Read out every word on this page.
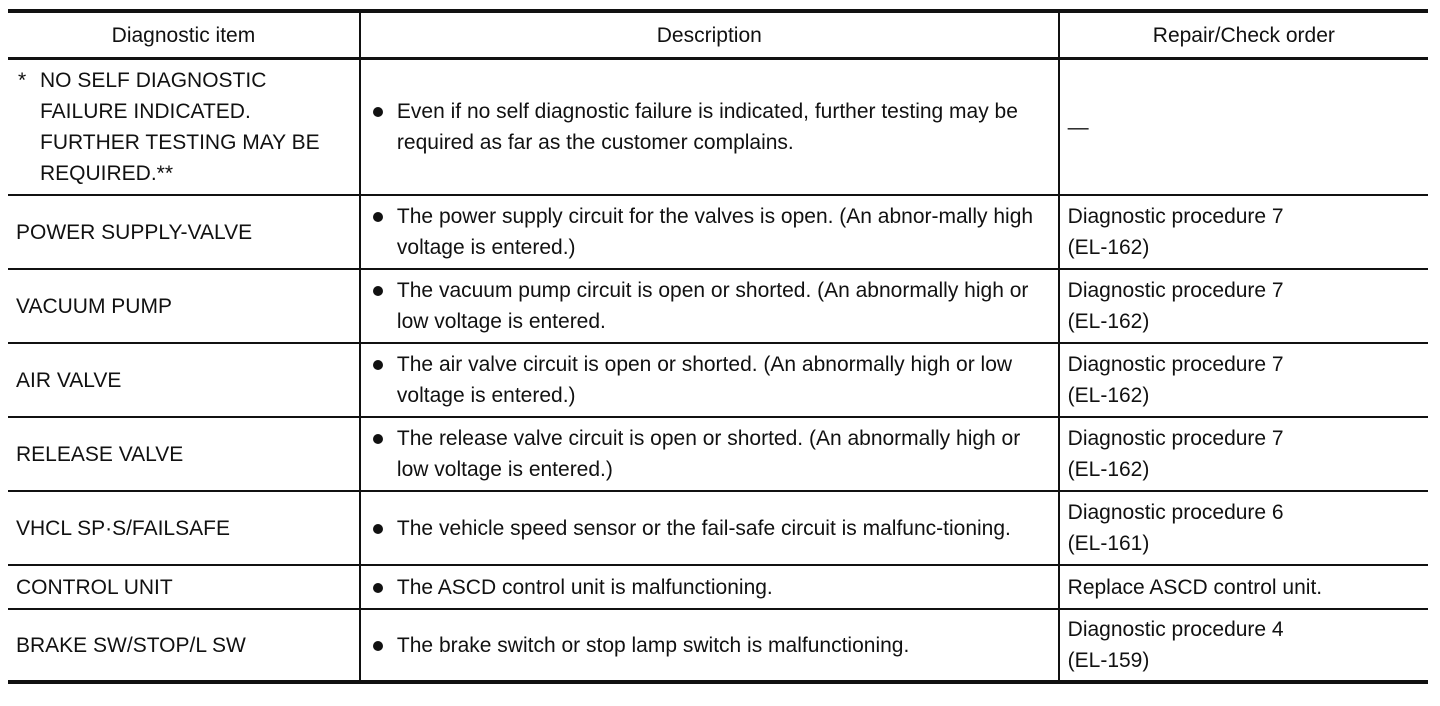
Diagnostic item	Description	Repair/Check order

* NO SELF DIAGNOSTIC
FAILURE INDICATED.
FURTHER TESTING MAY BE
REQUIRED.**	Even if no self diagnostic failure is indicated, further testing may be required as far as the customer complains.	—
POWER SUPPLY-VALVE	The power supply circuit for the valves is open. (An abnor-mally high voltage is entered.)	Diagnostic procedure 7
(EL-162)

VACUUM PUMP	The vacuum pump circuit is open or shorted. (An abnormally high or low voltage is entered.	Diagnostic procedure 7
(EL-162)

AIR VALVE	The air valve circuit is open or shorted. (An abnormally high or low voltage is entered.)	Diagnostic procedure 7
(EL-162)

RELEASE VALVE	The release valve circuit is open or shorted. (An abnormally high or low voltage is entered.)	Diagnostic procedure 7
(EL-162)

VHCL SP·S/FAILSAFE	The vehicle speed sensor or the fail-safe circuit is malfunc-tioning.	Diagnostic procedure 6
(EL-161)

CONTROL UNIT	The ASCD control unit is malfunctioning.	Replace ASCD control unit.

BRAKE SW/STOP/L SW	The brake switch or stop lamp switch is malfunctioning.	Diagnostic procedure 4
(EL-159)
